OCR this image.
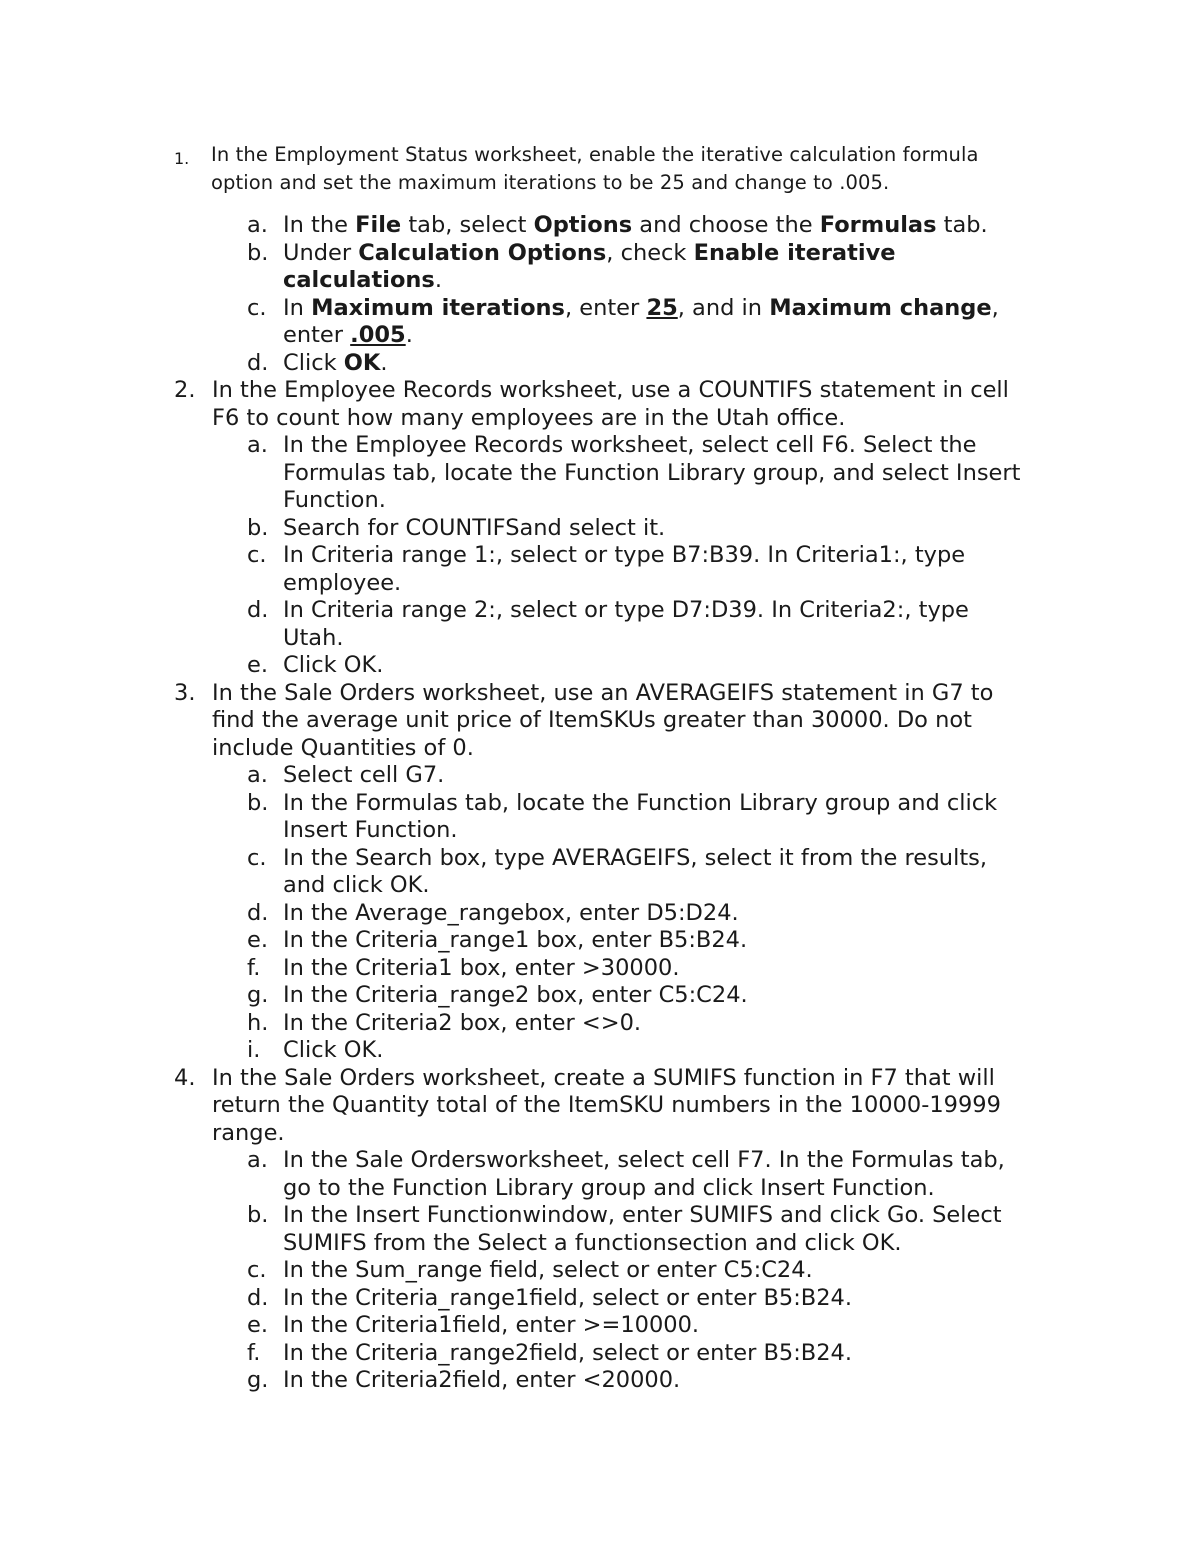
1. In the Employment Status worksheet, enable the iterative calculation formula
option and set the maximum iterations to be 25 and change to .005.
a. In the File tab, select Options and choose the Formulas tab.
b. Under Calculation Options, check Enable iterative
calculations.
c. In Maximum iterations, enter 25, and in Maximum change,
enter .005.
d. Click OK.
2. In the Employee Records worksheet, use a COUNTIFS statement in cell
F6 to count how many employees are in the Utah office.
a. In the Employee Records worksheet, select cell F6. Select the
Formulas tab, locate the Function Library group, and select Insert
Function.
b. Search for COUNTIFSand select it.
c. In Criteria range 1:, select or type B7:B39. In Criteria1:, type
employee.
d. In Criteria range 2:, select or type D7:D39. In Criteria2:, type
Utah.
e. Click OK.
3. In the Sale Orders worksheet, use an AVERAGEIFS statement in G7 to
find the average unit price of ItemSKUs greater than 30000. Do not
include Quantities of 0.
a. Select cell G7.
b. In the Formulas tab, locate the Function Library group and click
Insert Function.
c. In the Search box, type AVERAGEIFS, select it from the results,
and click OK.
d. In the Average_rangebox, enter D5:D24.
e. In the Criteria_range1 box, enter B5:B24.
f. In the Criteria1 box, enter >30000.
g. In the Criteria_range2 box, enter C5:C24.
h. In the Criteria2 box, enter <>0.
i. Click OK.
4. In the Sale Orders worksheet, create a SUMIFS function in F7 that will
return the Quantity total of the ItemSKU numbers in the 10000-19999
range.
a. In the Sale Ordersworksheet, select cell F7. In the Formulas tab,
go to the Function Library group and click Insert Function.
b. In the Insert Functionwindow, enter SUMIFS and click Go. Select
SUMIFS from the Select a functionsection and click OK.
c. In the Sum_range field, select or enter C5:C24.
d. In the Criteria_range1field, select or enter B5:B24.
e. In the Criteria1field, enter >=10000.
f. In the Criteria_range2field, select or enter B5:B24.
g. In the Criteria2field, enter <20000.
